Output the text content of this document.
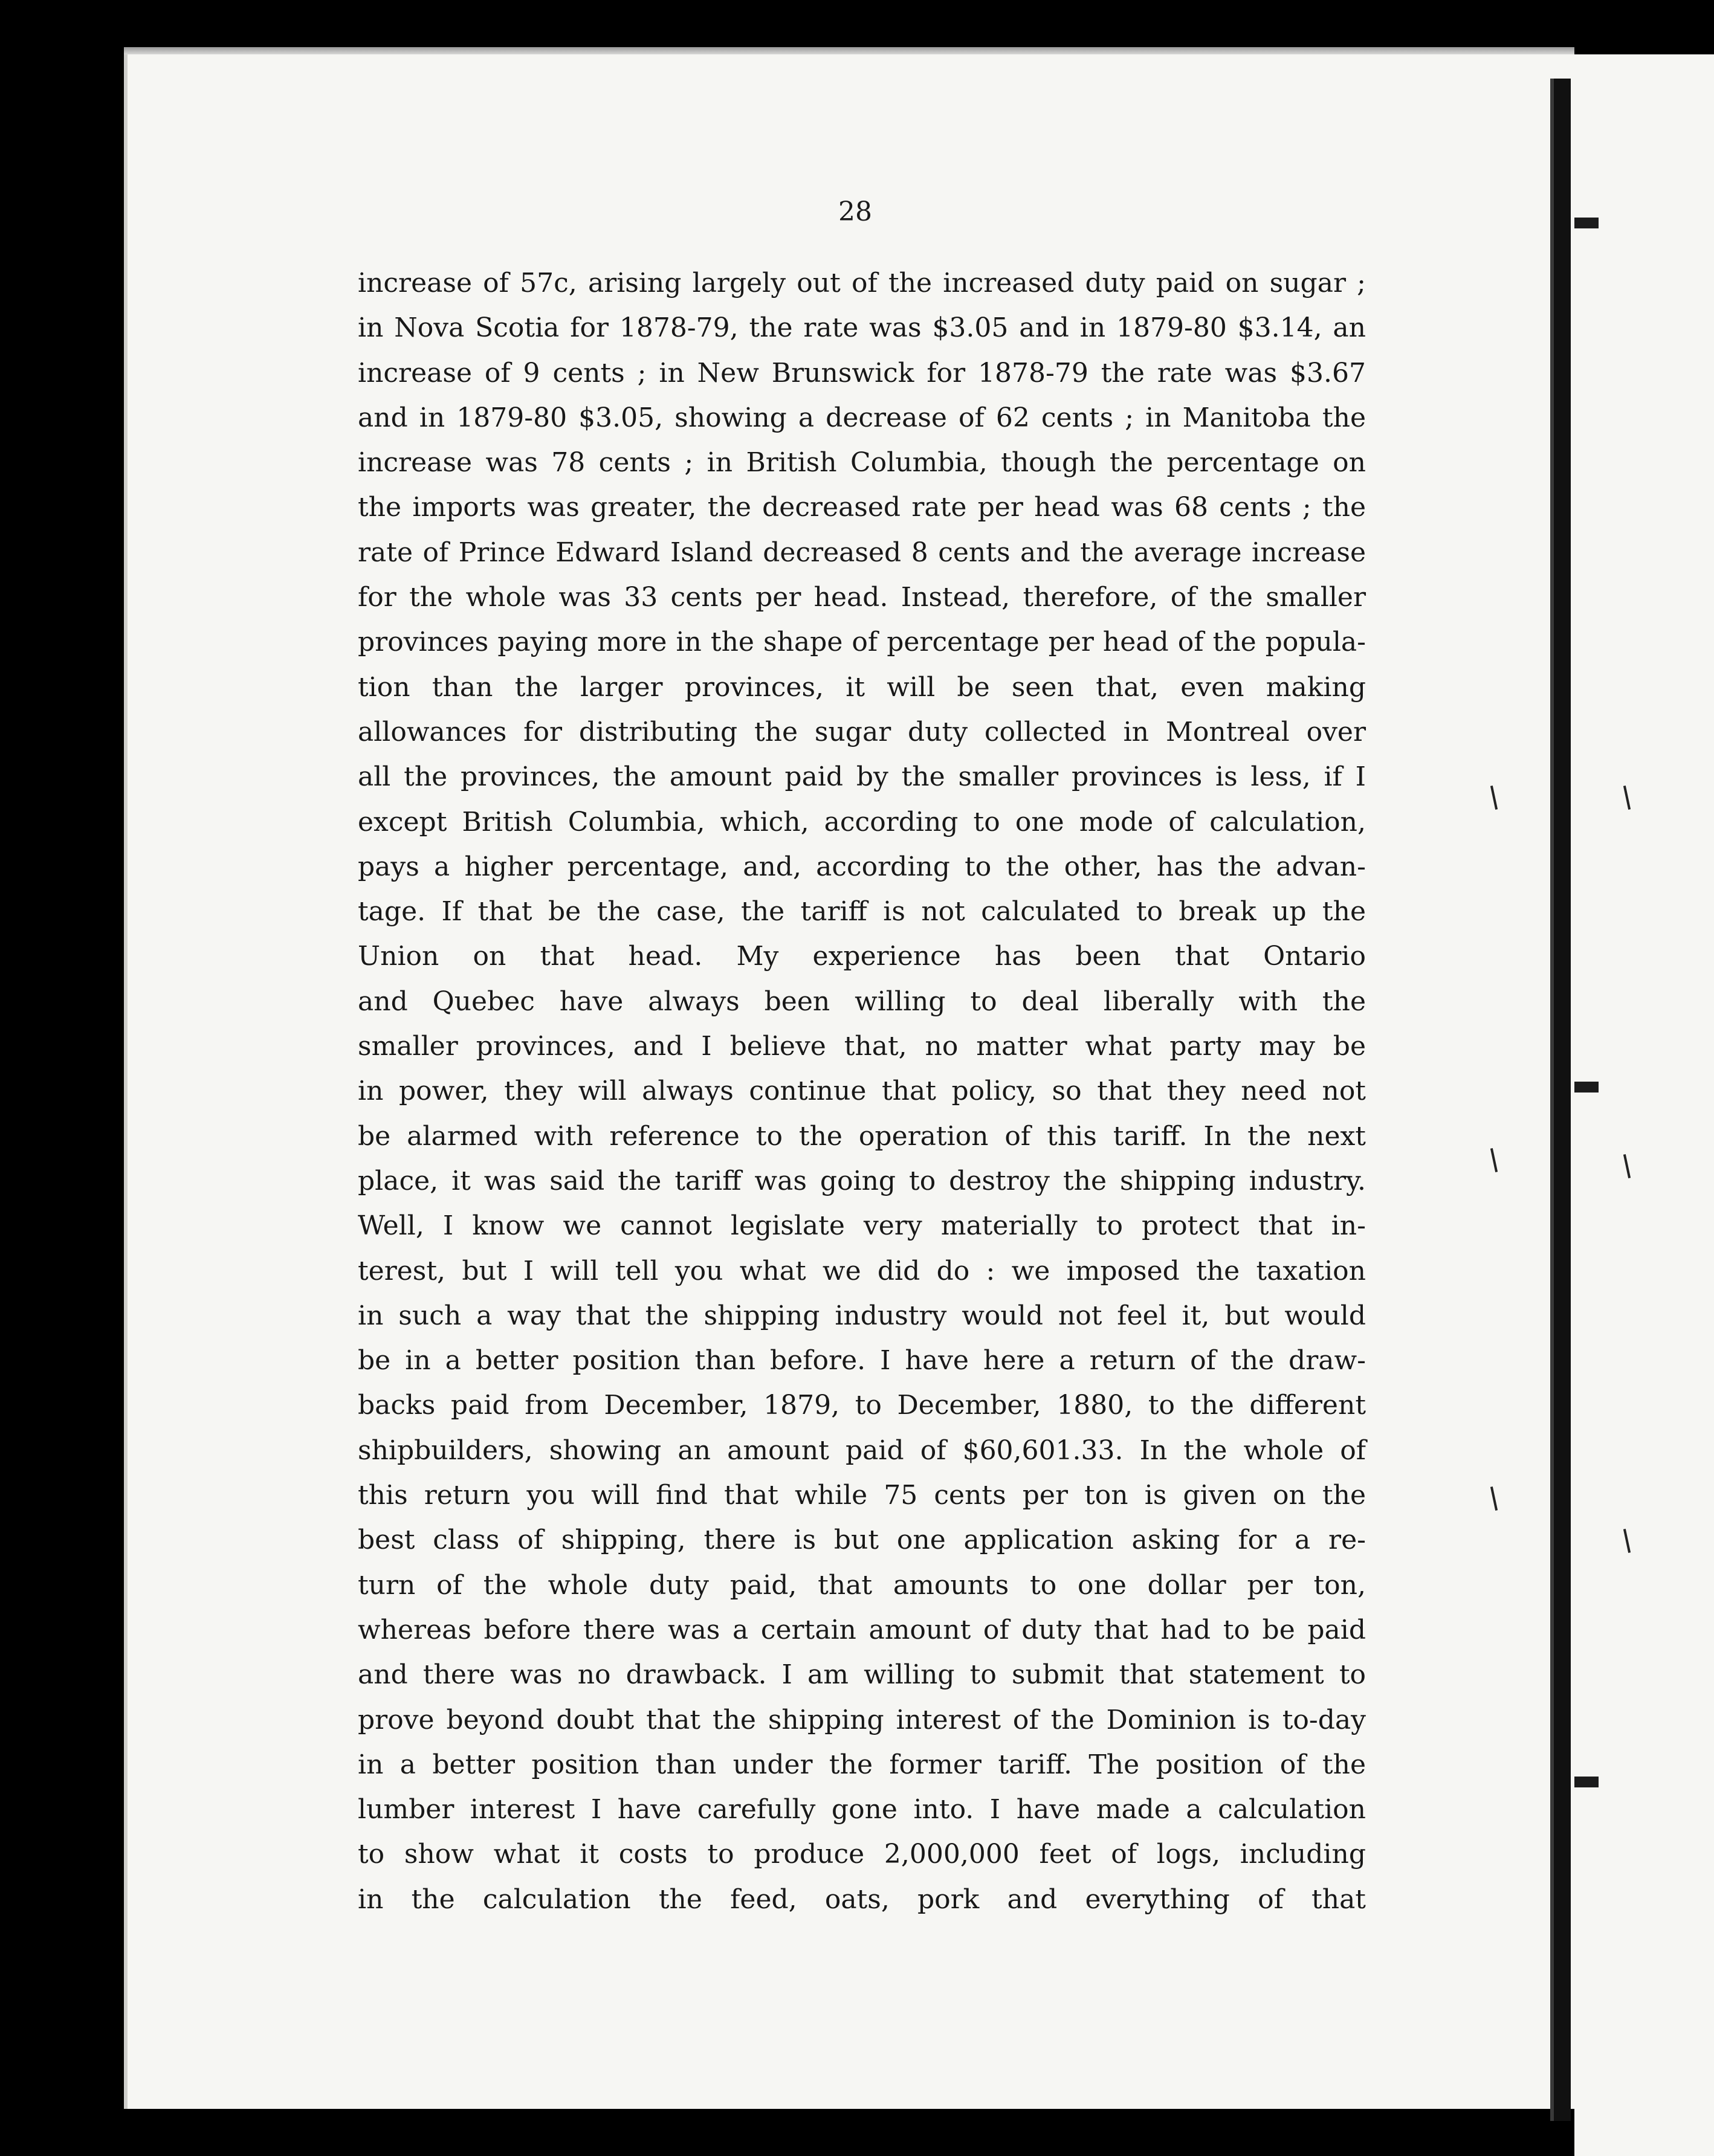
28
increase of 57c, arising largely out of the increased duty paid on sugar ;
in Nova Scotia for 1878-79, the rate was $3.05 and in 1879-80 $3.14, an
increase of 9 cents ; in New Brunswick for 1878-79 the rate was $3.67
and in 1879-80 $3.05, showing a decrease of 62 cents ; in Manitoba the
increase was 78 cents ; in British Columbia, though the percentage on
the imports was greater, the decreased rate per head was 68 cents ; the
rate of Prince Edward Island decreased 8 cents and the average increase
for the whole was 33 cents per head. Instead, therefore, of the smaller
provinces paying more in the shape of percentage per head of the popula-
tion than the larger provinces, it will be seen that, even making
allowances for distributing the sugar duty collected in Montreal over
all the provinces, the amount paid by the smaller provinces is less, if I
except British Columbia, which, according to one mode of calculation,
pays a higher percentage, and, according to the other, has the advan-
tage. If that be the case, the tariff is not calculated to break up the
Union on that head. My experience has been that Ontario
and Quebec have always been willing to deal liberally with the
smaller provinces, and I believe that, no matter what party may be
in power, they will always continue that policy, so that they need not
be alarmed with reference to the operation of this tariff. In the next
place, it was said the tariff was going to destroy the shipping industry.
Well, I know we cannot legislate very materially to protect that in-
terest, but I will tell you what we did do : we imposed the taxation
in such a way that the shipping industry would not feel it, but would
be in a better position than before. I have here a return of the draw-
backs paid from December, 1879, to December, 1880, to the different
shipbuilders, showing an amount paid of $60,601.33. In the whole of
this return you will find that while 75 cents per ton is given on the
best class of shipping, there is but one application asking for a re-
turn of the whole duty paid, that amounts to one dollar per ton,
whereas before there was a certain amount of duty that had to be paid
and there was no drawback. I am willing to submit that statement to
prove beyond doubt that the shipping interest of the Dominion is to-day
in a better position than under the former tariff. The position of the
lumber interest I have carefully gone into. I have made a calculation
to show what it costs to produce 2,000,000 feet of logs, including
in the calculation the feed, oats, pork and everything of that
